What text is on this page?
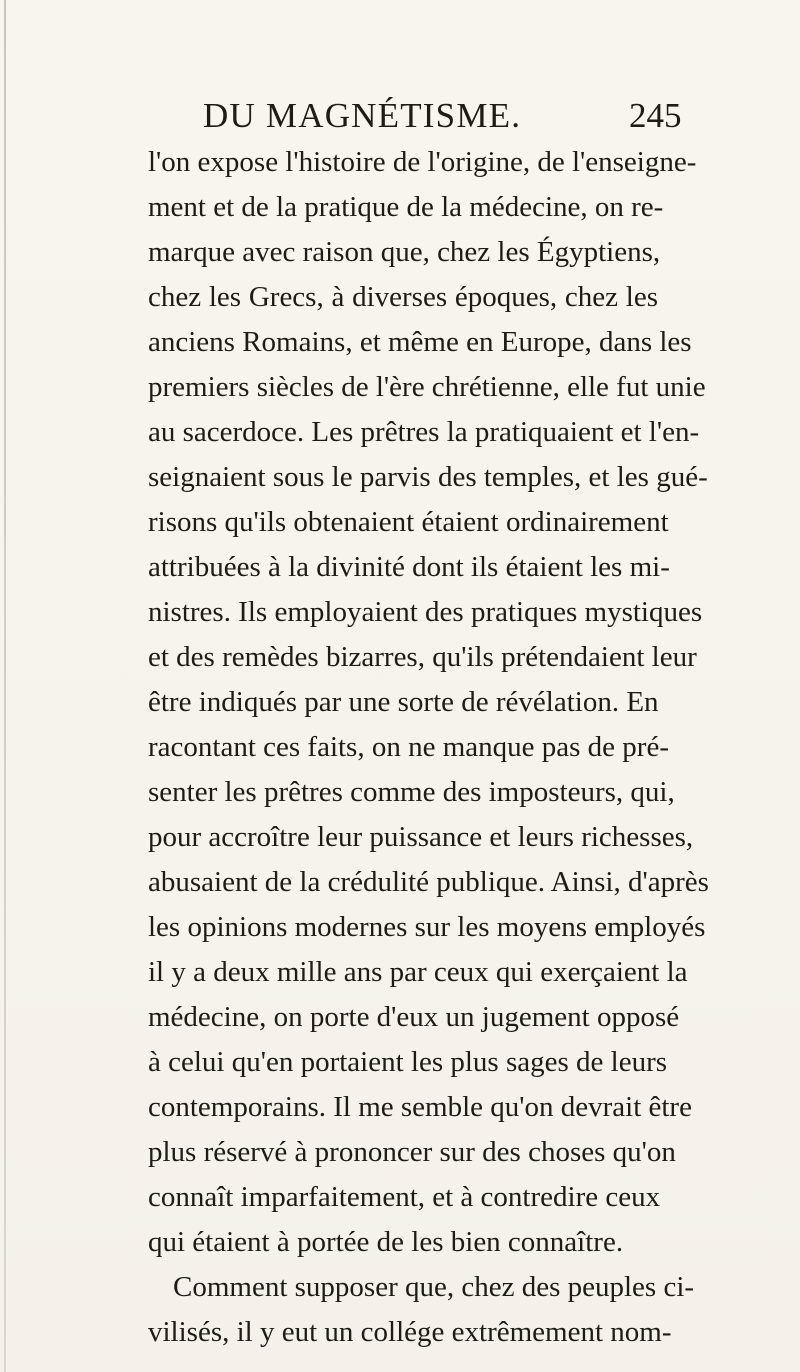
DU MAGNÉTISME.	245
l'on expose l'histoire de l'origine, de l'enseigne-
ment et de la pratique de la médecine, on re-
marque avec raison que, chez les Égyptiens,
chez les Grecs, à diverses époques, chez les
anciens Romains, et même en Europe, dans les
premiers siècles de l'ère chrétienne, elle fut unie
au sacerdoce. Les prêtres la pratiquaient et l'en-
seignaient sous le parvis des temples, et les gué-
risons qu'ils obtenaient étaient ordinairement
attribuées à la divinité dont ils étaient les mi-
nistres. Ils employaient des pratiques mystiques
et des remèdes bizarres, qu'ils prétendaient leur
être indiqués par une sorte de révélation. En
racontant ces faits, on ne manque pas de pré-
senter les prêtres comme des imposteurs, qui,
pour accroître leur puissance et leurs richesses,
abusaient de la crédulité publique. Ainsi, d'après
les opinions modernes sur les moyens employés
il y a deux mille ans par ceux qui exerçaient la
médecine, on porte d'eux un jugement opposé
à celui qu'en portaient les plus sages de leurs
contemporains. Il me semble qu'on devrait être
plus réservé à prononcer sur des choses qu'on
connaît imparfaitement, et à contredire ceux
qui étaient à portée de les bien connaître.
Comment supposer que, chez des peuples ci-
vilisés, il y eut un collége extrêmement nom-
